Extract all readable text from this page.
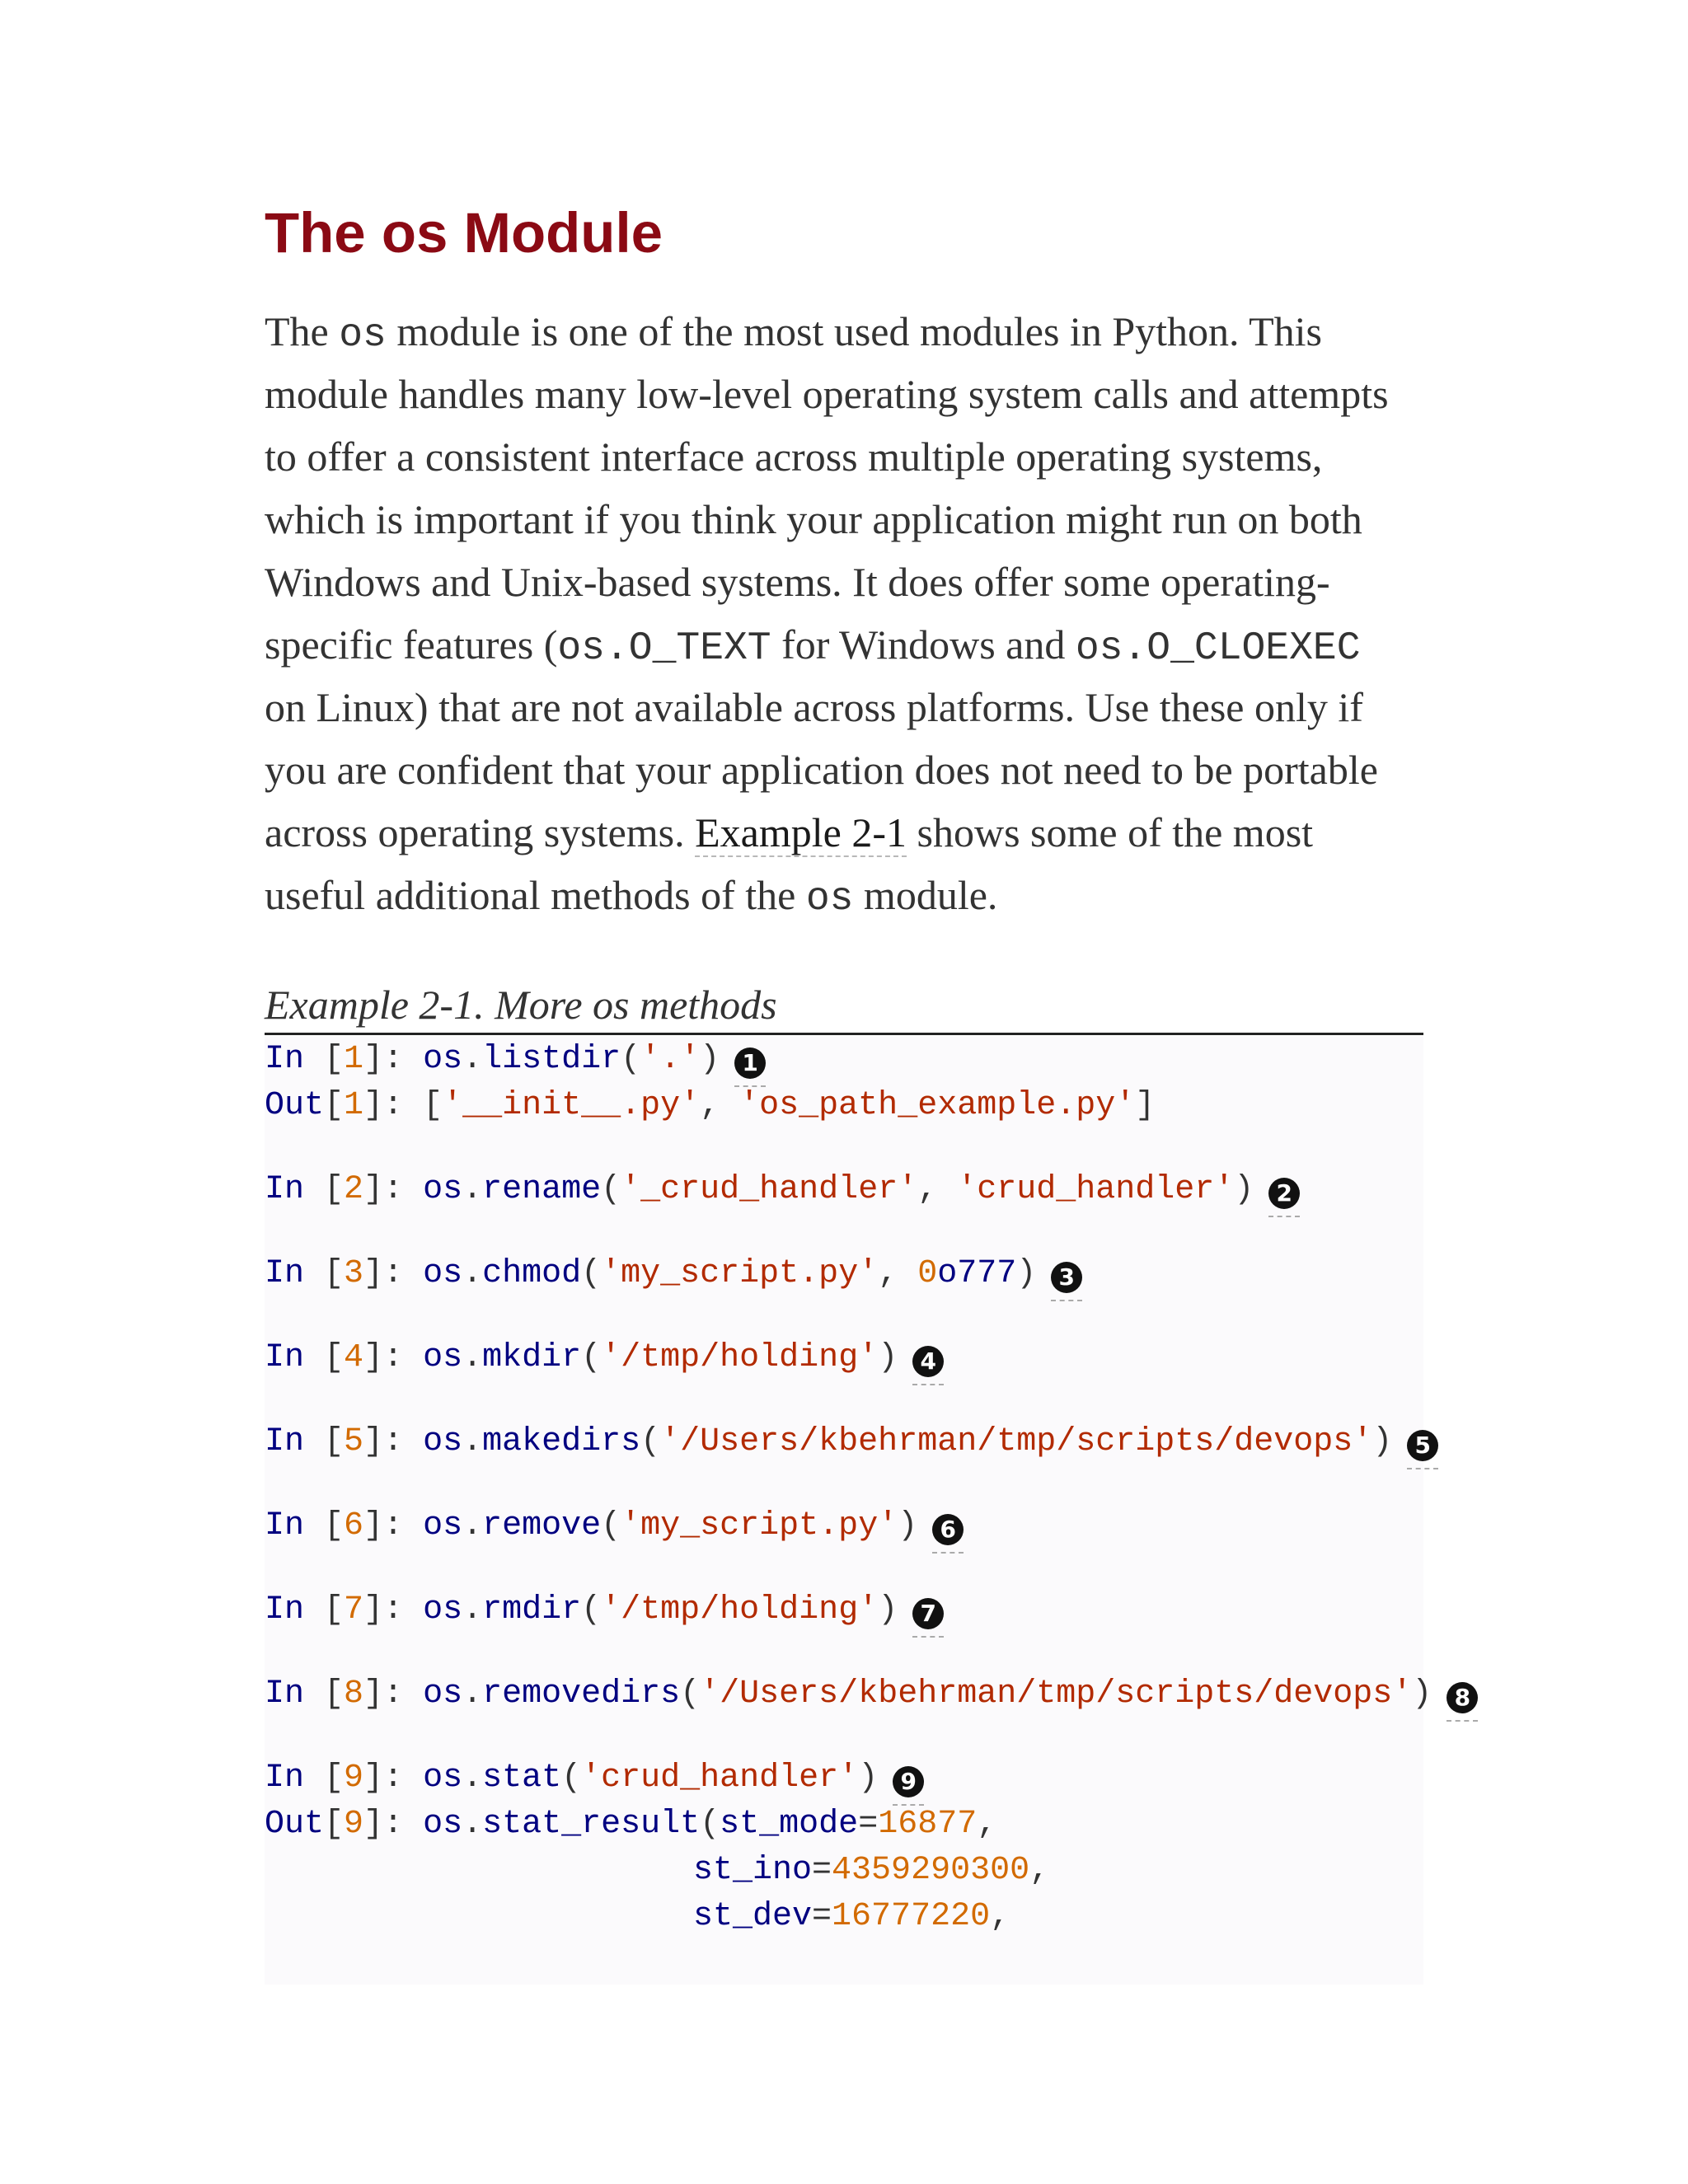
The os Module
The os module is one of the most used modules in Python. This
module handles many low-level operating system calls and attempts
to offer a consistent interface across multiple operating systems,
which is important if you think your application might run on both
Windows and Unix-based systems. It does offer some operating-
specific features (os.O_TEXT for Windows and os.O_CLOEXEC
on Linux) that are not available across platforms. Use these only if
you are confident that your application does not need to be portable
across operating systems. Example 2-1 shows some of the most
useful additional methods of the os module.
Example 2-1. More os methods
In [1]: os.listdir('.') 1
Out[1]: ['__init__.py', 'os_path_example.py']
In [2]: os.rename('_crud_handler', 'crud_handler') 2
In [3]: os.chmod('my_script.py', 0o777) 3
In [4]: os.mkdir('/tmp/holding') 4
In [5]: os.makedirs('/Users/kbehrman/tmp/scripts/devops') 5
In [6]: os.remove('my_script.py') 6
In [7]: os.rmdir('/tmp/holding') 7
In [8]: os.removedirs('/Users/kbehrman/tmp/scripts/devops') 8
In [9]: os.stat('crud_handler') 9
Out[9]: os.stat_result(st_mode=16877,
st_ino=4359290300,
st_dev=16777220,
